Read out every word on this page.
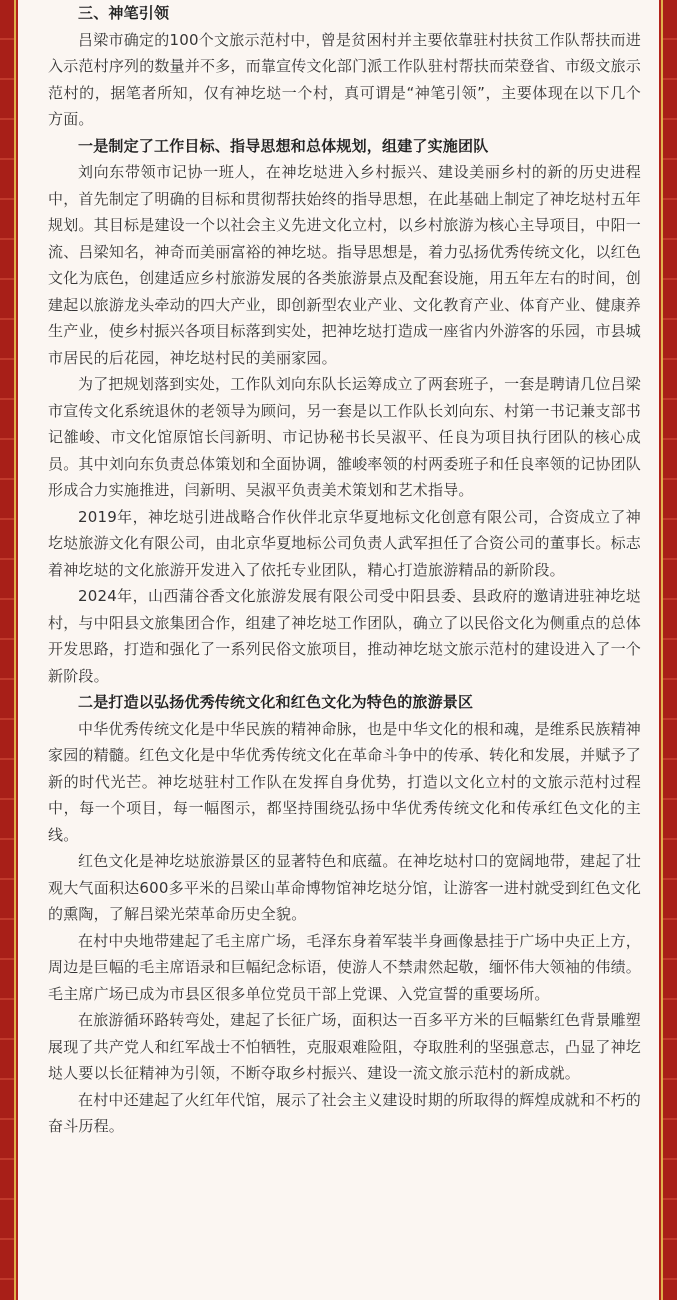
三、神笔引领

吕梁市确定的100个文旅示范村中，曾是贫困村并主要依靠驻村扶贫工作队帮扶而进入示范村序列的数量并不多，而靠宣传文化部门派工作队驻村帮扶而荣登省、市级文旅示范村的，据笔者所知，仅有神圪垯一个村，真可谓是“神笔引领”，主要体现在以下几个方面。

一是制定了工作目标、指导思想和总体规划，组建了实施团队

刘向东带领市记协一班人，在神圪垯进入乡村振兴、建设美丽乡村的新的历史进程中，首先制定了明确的目标和贯彻帮扶始终的指导思想，在此基础上制定了神圪垯村五年规划。其目标是建设一个以社会主义先进文化立村，以乡村旅游为核心主导项目，中阳一流、吕梁知名，神奇而美丽富裕的神圪垯。指导思想是，着力弘扬优秀传统文化，以红色文化为底色，创建适应乡村旅游发展的各类旅游景点及配套设施，用五年左右的时间，创建起以旅游龙头牵动的四大产业，即创新型农业产业、文化教育产业、体育产业、健康养生产业，使乡村振兴各项目标落到实处，把神圪垯打造成一座省内外游客的乐园，市县城市居民的后花园，神圪垯村民的美丽家园。

为了把规划落到实处，工作队刘向东队长运筹成立了两套班子，一套是聘请几位吕梁市宣传文化系统退休的老领导为顾问，另一套是以工作队长刘向东、村第一书记兼支部书记雒峻、市文化馆原馆长闫新明、市记协秘书长吴淑平、任良为项目执行团队的核心成员。其中刘向东负责总体策划和全面协调，雒峻率领的村两委班子和任良率领的记协团队形成合力实施推进，闫新明、吴淑平负责美术策划和艺术指导。

2019年，神圪垯引进战略合作伙伴北京华夏地标文化创意有限公司，合资成立了神圪垯旅游文化有限公司，由北京华夏地标公司负责人武军担任了合资公司的董事长。标志着神圪垯的文化旅游开发进入了依托专业团队，精心打造旅游精品的新阶段。

2024年，山西蒲谷香文化旅游发展有限公司受中阳县委、县政府的邀请进驻神圪垯村，与中阳县文旅集团合作，组建了神圪垯工作团队，确立了以民俗文化为侧重点的总体开发思路，打造和强化了一系列民俗文旅项目，推动神圪垯文旅示范村的建设进入了一个新阶段。

二是打造以弘扬优秀传统文化和红色文化为特色的旅游景区

中华优秀传统文化是中华民族的精神命脉，也是中华文化的根和魂，是维系民族精神家园的精髓。红色文化是中华优秀传统文化在革命斗争中的传承、转化和发展，并赋予了新的时代光芒。神圪垯驻村工作队在发挥自身优势，打造以文化立村的文旅示范村过程中，每一个项目，每一幅图示，都坚持围绕弘扬中华优秀传统文化和传承红色文化的主线。

红色文化是神圪垯旅游景区的显著特色和底蕴。在神圪垯村口的宽阔地带，建起了壮观大气面积达600多平米的吕梁山革命博物馆神圪垯分馆，让游客一进村就受到红色文化的熏陶，了解吕梁光荣革命历史全貌。

在村中央地带建起了毛主席广场，毛泽东身着军装半身画像悬挂于广场中央正上方，周边是巨幅的毛主席语录和巨幅纪念标语，使游人不禁肃然起敬，缅怀伟大领袖的伟绩。毛主席广场已成为市县区很多单位党员干部上党课、入党宣誓的重要场所。

在旅游循环路转弯处，建起了长征广场，面积达一百多平方米的巨幅紫红色背景雕塑展现了共产党人和红军战士不怕牺牲，克服艰难险阻，夺取胜利的坚强意志，凸显了神圪垯人要以长征精神为引领，不断夺取乡村振兴、建设一流文旅示范村的新成就。

在村中还建起了火红年代馆，展示了社会主义建设时期的所取得的辉煌成就和不朽的奋斗历程。
